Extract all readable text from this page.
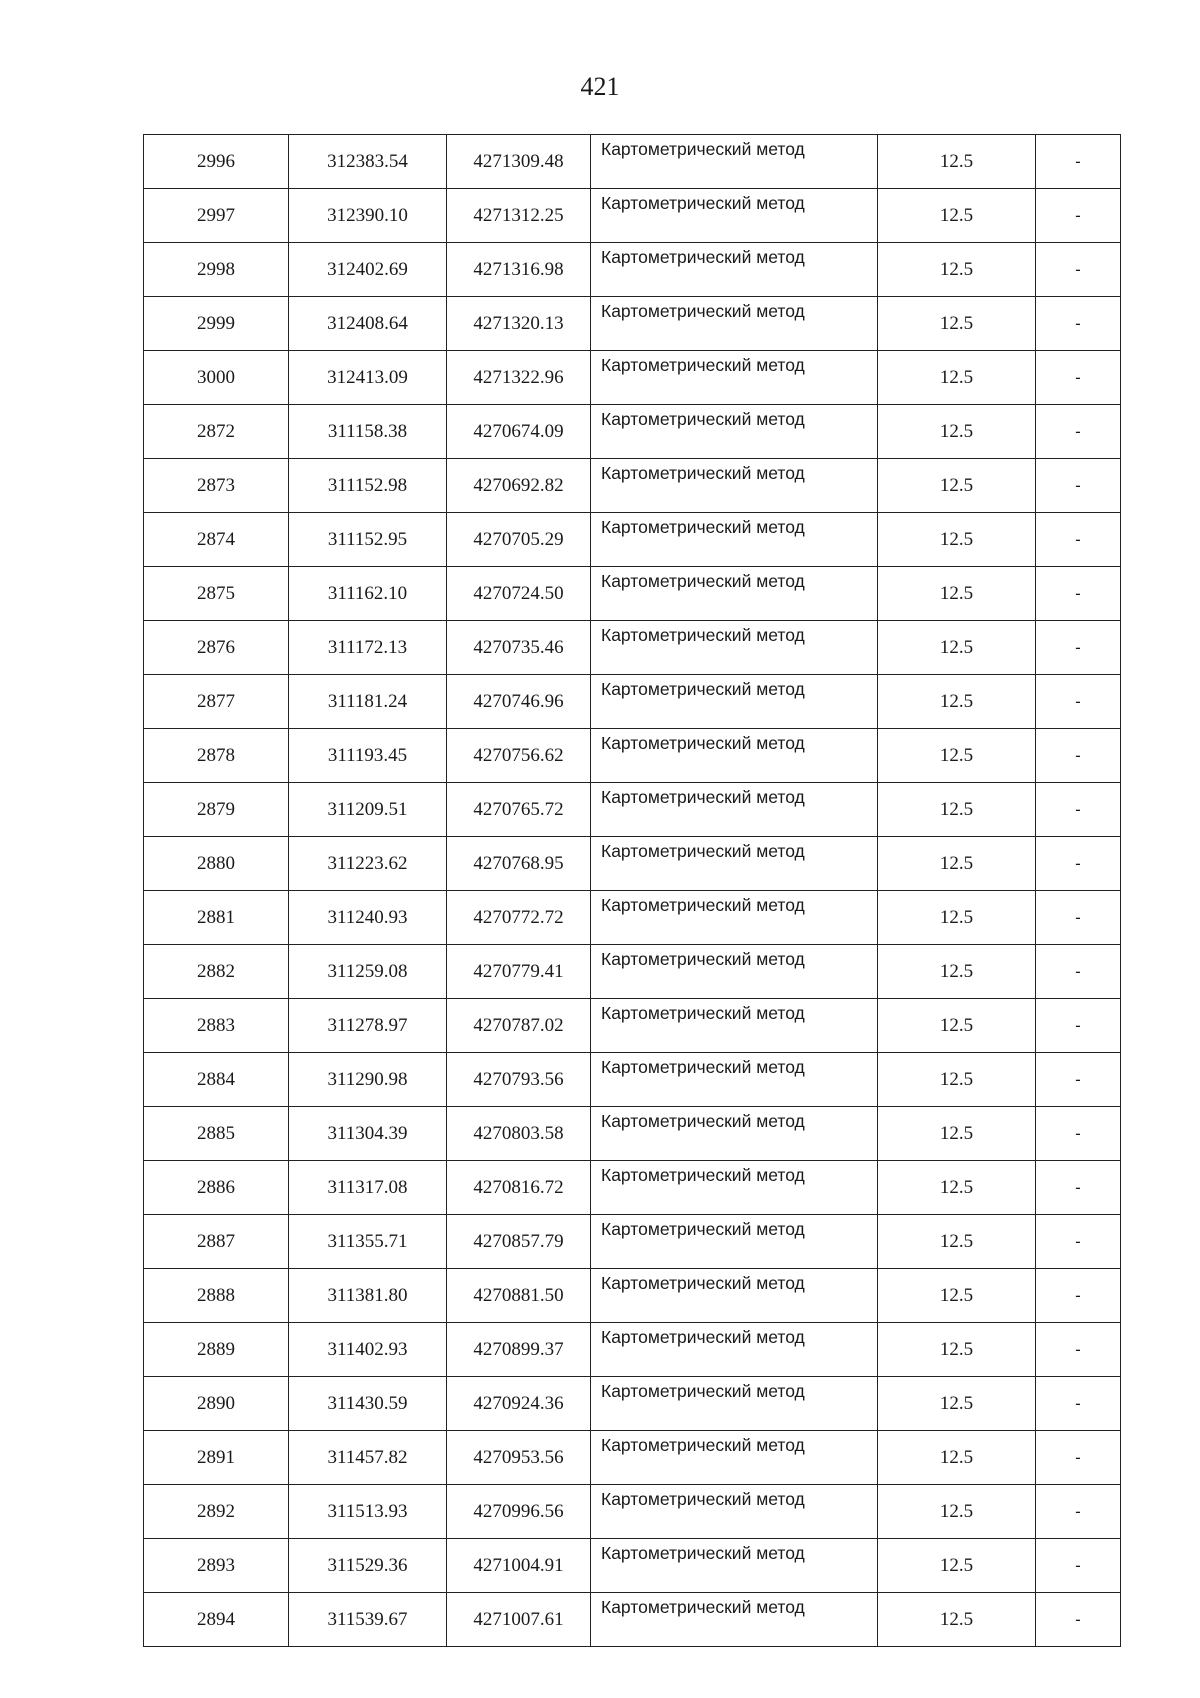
421
2996	312383.54	4271309.48	Картометрический метод	12.5	-
2997	312390.10	4271312.25	Картометрический метод	12.5	-
2998	312402.69	4271316.98	Картометрический метод	12.5	-
2999	312408.64	4271320.13	Картометрический метод	12.5	-
3000	312413.09	4271322.96	Картометрический метод	12.5	-
2872	311158.38	4270674.09	Картометрический метод	12.5	-
2873	311152.98	4270692.82	Картометрический метод	12.5	-
2874	311152.95	4270705.29	Картометрический метод	12.5	-
2875	311162.10	4270724.50	Картометрический метод	12.5	-
2876	311172.13	4270735.46	Картометрический метод	12.5	-
2877	311181.24	4270746.96	Картометрический метод	12.5	-
2878	311193.45	4270756.62	Картометрический метод	12.5	-
2879	311209.51	4270765.72	Картометрический метод	12.5	-
2880	311223.62	4270768.95	Картометрический метод	12.5	-
2881	311240.93	4270772.72	Картометрический метод	12.5	-
2882	311259.08	4270779.41	Картометрический метод	12.5	-
2883	311278.97	4270787.02	Картометрический метод	12.5	-
2884	311290.98	4270793.56	Картометрический метод	12.5	-
2885	311304.39	4270803.58	Картометрический метод	12.5	-
2886	311317.08	4270816.72	Картометрический метод	12.5	-
2887	311355.71	4270857.79	Картометрический метод	12.5	-
2888	311381.80	4270881.50	Картометрический метод	12.5	-
2889	311402.93	4270899.37	Картометрический метод	12.5	-
2890	311430.59	4270924.36	Картометрический метод	12.5	-
2891	311457.82	4270953.56	Картометрический метод	12.5	-
2892	311513.93	4270996.56	Картометрический метод	12.5	-
2893	311529.36	4271004.91	Картометрический метод	12.5	-
2894	311539.67	4271007.61	Картометрический метод	12.5	-
